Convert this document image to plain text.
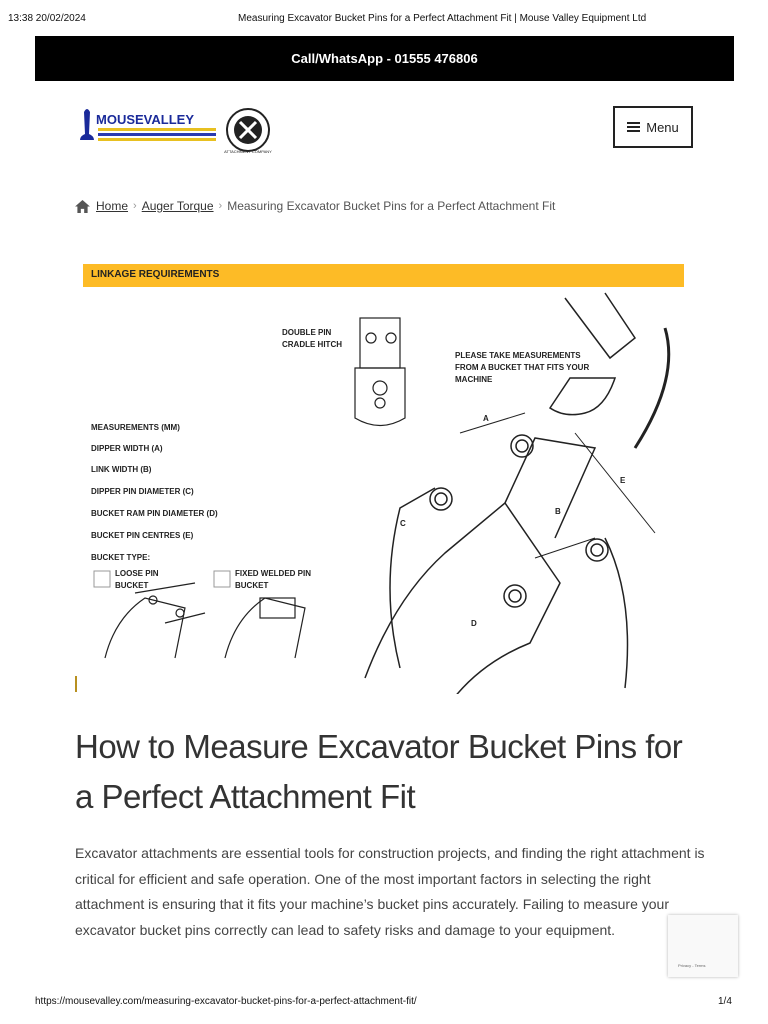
13:38 20/02/2024	Measuring Excavator Bucket Pins for a Perfect Attachment Fit | Mouse Valley Equipment Ltd
Call/WhatsApp - 01555 476806
MOUSEVALLEY
ATTACHMENT COMPANY
Menu
Home › Auger Torque › Measuring Excavator Bucket Pins for a Perfect Attachment Fit
LINKAGE REQUIREMENTS
DOUBLE PIN
CRADLE HITCH
PLEASE TAKE MEASUREMENTS
FROM A BUCKET THAT FITS YOUR
MACHINE
A
B
C
D
E
MEASUREMENTS (MM)
DIPPER WIDTH (A)
LINK WIDTH (B)
DIPPER PIN DIAMETER (C)
BUCKET RAM PIN DIAMETER (D)
BUCKET PIN CENTRES (E)
BUCKET TYPE:
LOOSE PIN
BUCKET
FIXED WELDED PIN
BUCKET
How to Measure Excavator Bucket Pins for a Perfect Attachment Fit

Excavator attachments are essential tools for construction projects, and finding the right attachment is critical for efficient and safe operation. One of the most important factors in selecting the right attachment is ensuring that it fits your machine’s bucket pins accurately. Failing to measure your excavator bucket pins correctly can lead to safety risks and damage to your equipment.

Privacy - Terms
https://mousevalley.com/measuring-excavator-bucket-pins-for-a-perfect-attachment-fit/	1/4
